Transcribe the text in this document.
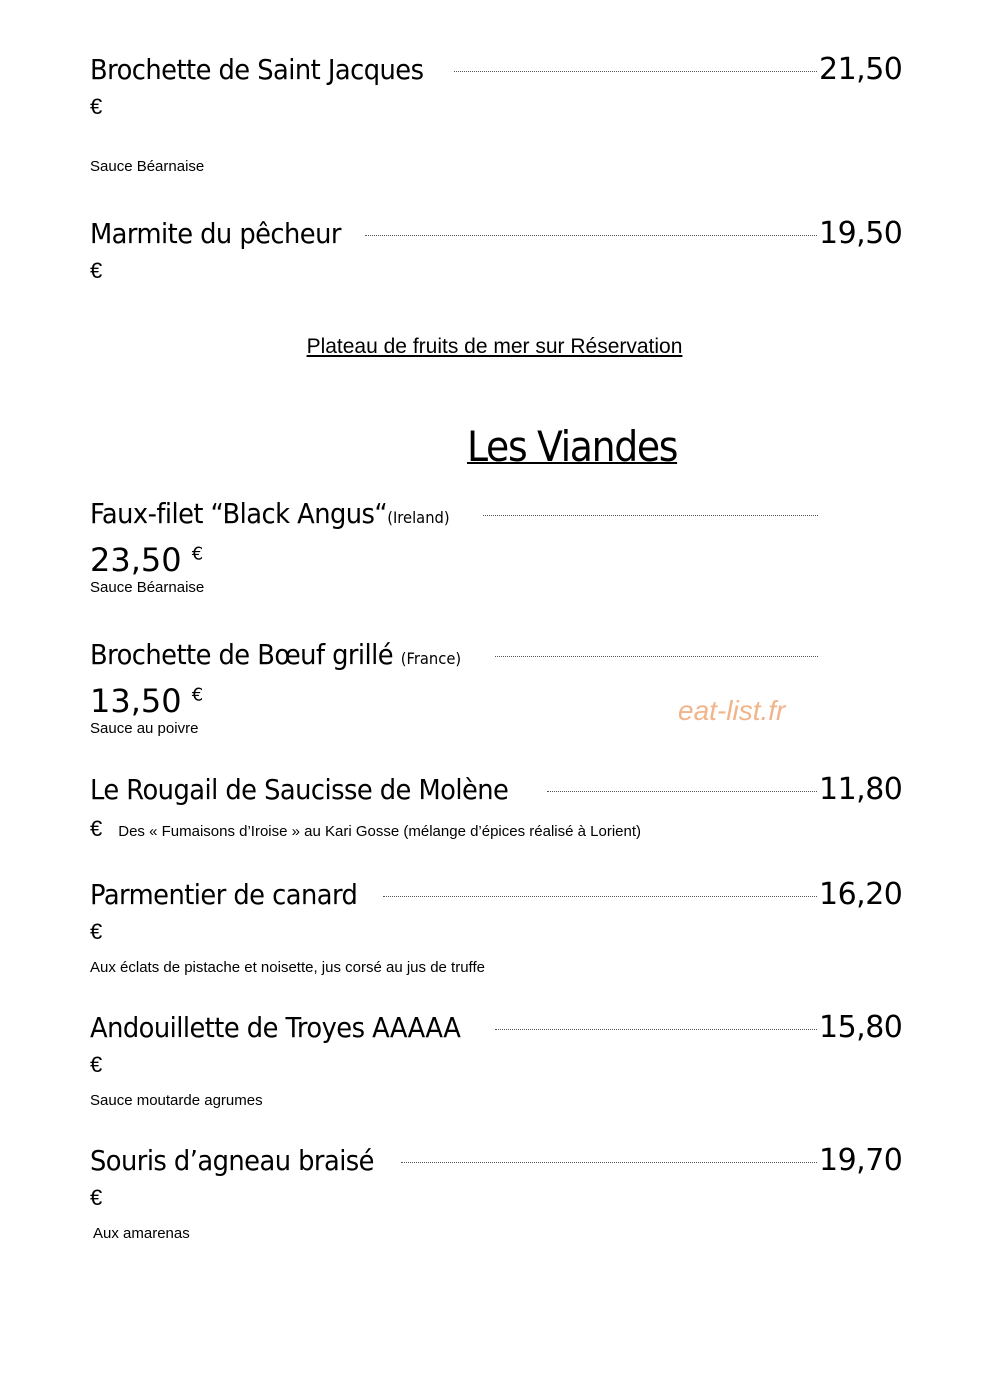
Brochette de Saint Jacques	21,50
€
Sauce Béarnaise
Marmite du pêcheur	19,50
€
Plateau de fruits de mer sur Réservation
Les Viandes
Faux-filet “Black Angus“(Ireland)
23,50 €
Sauce Béarnaise
Brochette de Bœuf grillé (France)
13,50 €
Sauce au poivre
Le Rougail de Saucisse de Molène	11,80
€ Des « Fumaisons d’Iroise » au Kari Gosse (mélange d’épices réalisé à Lorient)
Parmentier de canard	16,20
€
Aux éclats de pistache et noisette, jus corsé au jus de truffe
Andouillette de Troyes AAAAA	15,80
€
Sauce moutarde agrumes
Souris d’agneau braisé	19,70
€
Aux amarenas
eat-list.fr
